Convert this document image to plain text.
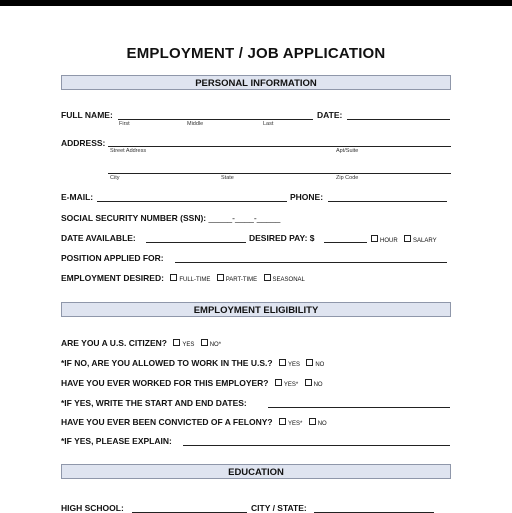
EMPLOYMENT / JOB APPLICATION
PERSONAL INFORMATION
FULL NAME:
First	Middle	Last
DATE:
ADDRESS:
Street Address	Apt/Suite
City	State	Zip Code
E-MAIL:	PHONE:
SOCIAL SECURITY NUMBER (SSN): _____-____-_____
DATE AVAILABLE:	DESIRED PAY: $	HOUR	SALARY
POSITION APPLIED FOR:
EMPLOYMENT DESIRED:	FULL-TIME	PART-TIME	SEASONAL
EMPLOYMENT ELIGIBILITY
ARE YOU A U.S. CITIZEN?	YES	NO*
*IF NO, ARE YOU ALLOWED TO WORK IN THE U.S.?	YES	NO
HAVE YOU EVER WORKED FOR THIS EMPLOYER?	YES*	NO
*IF YES, WRITE THE START AND END DATES:
HAVE YOU EVER BEEN CONVICTED OF A FELONY?	YES*	NO
*IF YES, PLEASE EXPLAIN:
EDUCATION
HIGH SCHOOL:	CITY / STATE:
